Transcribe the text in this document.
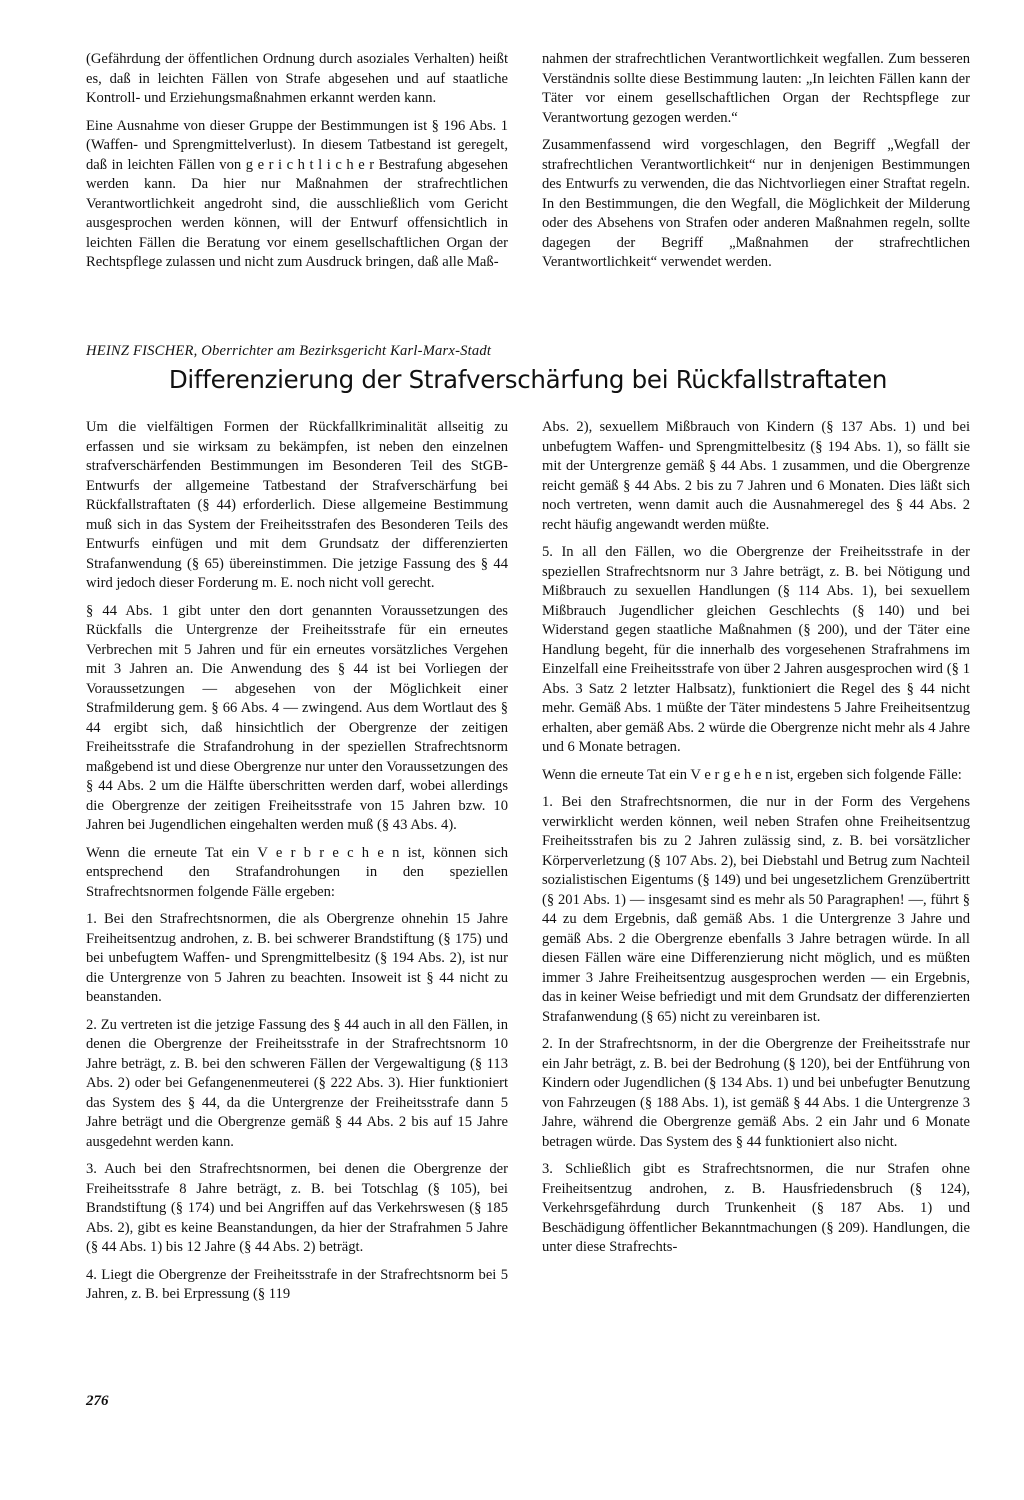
(Gefährdung der öffentlichen Ordnung durch asoziales Verhalten) heißt es, daß in leichten Fällen von Strafe abgesehen und auf staatliche Kontroll- und Erziehungsmaßnahmen erkannt werden kann.

Eine Ausnahme von dieser Gruppe der Bestimmungen ist § 196 Abs. 1 (Waffen- und Sprengmittelverlust). In diesem Tatbestand ist geregelt, daß in leichten Fällen von g e r i c h t l i c h e r Bestrafung abgesehen werden kann. Da hier nur Maßnahmen der strafrechtlichen Verantwortlichkeit angedroht sind, die ausschließlich vom Gericht ausgesprochen werden können, will der Entwurf offensichtlich in leichten Fällen die Beratung vor einem gesellschaftlichen Organ der Rechtspflege zulassen und nicht zum Ausdruck bringen, daß alle Maß-

nahmen der strafrechtlichen Verantwortlichkeit wegfallen. Zum besseren Verständnis sollte diese Bestimmung lauten: „In leichten Fällen kann der Täter vor einem gesellschaftlichen Organ der Rechtspflege zur Verantwortung gezogen werden.“

Zusammenfassend wird vorgeschlagen, den Begriff „Wegfall der strafrechtlichen Verantwortlichkeit“ nur in denjenigen Bestimmungen des Entwurfs zu verwenden, die das Nichtvorliegen einer Straftat regeln. In den Bestimmungen, die den Wegfall, die Möglichkeit der Milderung oder des Absehens von Strafen oder anderen Maßnahmen regeln, sollte dagegen der Begriff „Maßnahmen der strafrechtlichen Verantwortlichkeit“ verwendet werden.

HEINZ FISCHER, Oberrichter am Bezirksgericht Karl-Marx-Stadt
Differenzierung der Strafverschärfung bei Rückfallstraftaten

Um die vielfältigen Formen der Rückfallkriminalität allseitig zu erfassen und sie wirksam zu bekämpfen, ist neben den einzelnen strafverschärfenden Bestimmungen im Besonderen Teil des StGB-Entwurfs der allgemeine Tatbestand der Strafverschärfung bei Rückfallstraftaten (§ 44) erforderlich. Diese allgemeine Bestimmung muß sich in das System der Freiheitsstrafen des Besonderen Teils des Entwurfs einfügen und mit dem Grundsatz der differenzierten Strafanwendung (§ 65) übereinstimmen. Die jetzige Fassung des § 44 wird jedoch dieser Forderung m. E. noch nicht voll gerecht.

§ 44 Abs. 1 gibt unter den dort genannten Voraussetzungen des Rückfalls die Untergrenze der Freiheitsstrafe für ein erneutes Verbrechen mit 5 Jahren und für ein erneutes vorsätzliches Vergehen mit 3 Jahren an. Die Anwendung des § 44 ist bei Vorliegen der Voraussetzungen — abgesehen von der Möglichkeit einer Strafmilderung gem. § 66 Abs. 4 — zwingend. Aus dem Wortlaut des § 44 ergibt sich, daß hinsichtlich der Obergrenze der zeitigen Freiheitsstrafe die Strafandrohung in der speziellen Strafrechtsnorm maßgebend ist und diese Obergrenze nur unter den Voraussetzungen des § 44 Abs. 2 um die Hälfte überschritten werden darf, wobei allerdings die Obergrenze der zeitigen Freiheitsstrafe von 15 Jahren bzw. 10 Jahren bei Jugendlichen eingehalten werden muß (§ 43 Abs. 4).

Wenn die erneute Tat ein V e r b r e c h e n ist, können sich entsprechend den Strafandrohungen in den speziellen Strafrechtsnormen folgende Fälle ergeben:

1. Bei den Strafrechtsnormen, die als Obergrenze ohnehin 15 Jahre Freiheitsentzug androhen, z. B. bei schwerer Brandstiftung (§ 175) und bei unbefugtem Waffen- und Sprengmittelbesitz (§ 194 Abs. 2), ist nur die Untergrenze von 5 Jahren zu beachten. Insoweit ist § 44 nicht zu beanstanden.

2. Zu vertreten ist die jetzige Fassung des § 44 auch in all den Fällen, in denen die Obergrenze der Freiheitsstrafe in der Strafrechtsnorm 10 Jahre beträgt, z. B. bei den schweren Fällen der Vergewaltigung (§ 113 Abs. 2) oder bei Gefangenenmeuterei (§ 222 Abs. 3). Hier funktioniert das System des § 44, da die Untergrenze der Freiheitsstrafe dann 5 Jahre beträgt und die Obergrenze gemäß § 44 Abs. 2 bis auf 15 Jahre ausgedehnt werden kann.

3. Auch bei den Strafrechtsnormen, bei denen die Obergrenze der Freiheitsstrafe 8 Jahre beträgt, z. B. bei Totschlag (§ 105), bei Brandstiftung (§ 174) und bei Angriffen auf das Verkehrswesen (§ 185 Abs. 2), gibt es keine Beanstandungen, da hier der Strafrahmen 5 Jahre (§ 44 Abs. 1) bis 12 Jahre (§ 44 Abs. 2) beträgt.

4. Liegt die Obergrenze der Freiheitsstrafe in der Strafrechtsnorm bei 5 Jahren, z. B. bei Erpressung (§ 119

Abs. 2), sexuellem Mißbrauch von Kindern (§ 137 Abs. 1) und bei unbefugtem Waffen- und Sprengmittelbesitz (§ 194 Abs. 1), so fällt sie mit der Untergrenze gemäß § 44 Abs. 1 zusammen, und die Obergrenze reicht gemäß § 44 Abs. 2 bis zu 7 Jahren und 6 Monaten. Dies läßt sich noch vertreten, wenn damit auch die Ausnahmeregel des § 44 Abs. 2 recht häufig angewandt werden müßte.

5. In all den Fällen, wo die Obergrenze der Freiheitsstrafe in der speziellen Strafrechtsnorm nur 3 Jahre beträgt, z. B. bei Nötigung und Mißbrauch zu sexuellen Handlungen (§ 114 Abs. 1), bei sexuellem Mißbrauch Jugendlicher gleichen Geschlechts (§ 140) und bei Widerstand gegen staatliche Maßnahmen (§ 200), und der Täter eine Handlung begeht, für die innerhalb des vorgesehenen Strafrahmens im Einzelfall eine Freiheitsstrafe von über 2 Jahren ausgesprochen wird (§ 1 Abs. 3 Satz 2 letzter Halbsatz), funktioniert die Regel des § 44 nicht mehr. Gemäß Abs. 1 müßte der Täter mindestens 5 Jahre Freiheitsentzug erhalten, aber gemäß Abs. 2 würde die Obergrenze nicht mehr als 4 Jahre und 6 Monate betragen.

Wenn die erneute Tat ein V e r g e h e n ist, ergeben sich folgende Fälle:

1. Bei den Strafrechtsnormen, die nur in der Form des Vergehens verwirklicht werden können, weil neben Strafen ohne Freiheitsentzug Freiheitsstrafen bis zu 2 Jahren zulässig sind, z. B. bei vorsätzlicher Körperverletzung (§ 107 Abs. 2), bei Diebstahl und Betrug zum Nachteil sozialistischen Eigentums (§ 149) und bei ungesetzlichem Grenzübertritt (§ 201 Abs. 1) — insgesamt sind es mehr als 50 Paragraphen! —, führt § 44 zu dem Ergebnis, daß gemäß Abs. 1 die Untergrenze 3 Jahre und gemäß Abs. 2 die Obergrenze ebenfalls 3 Jahre betragen würde. In all diesen Fällen wäre eine Differenzierung nicht möglich, und es müßten immer 3 Jahre Freiheitsentzug ausgesprochen werden — ein Ergebnis, das in keiner Weise befriedigt und mit dem Grundsatz der differenzierten Strafanwendung (§ 65) nicht zu vereinbaren ist.

2. In der Strafrechtsnorm, in der die Obergrenze der Freiheitsstrafe nur ein Jahr beträgt, z. B. bei der Bedrohung (§ 120), bei der Entführung von Kindern oder Jugendlichen (§ 134 Abs. 1) und bei unbefugter Benutzung von Fahrzeugen (§ 188 Abs. 1), ist gemäß § 44 Abs. 1 die Untergrenze 3 Jahre, während die Obergrenze gemäß Abs. 2 ein Jahr und 6 Monate betragen würde. Das System des § 44 funktioniert also nicht.

3. Schließlich gibt es Strafrechtsnormen, die nur Strafen ohne Freiheitsentzug androhen, z. B. Hausfriedensbruch (§ 124), Verkehrsgefährdung durch Trunkenheit (§ 187 Abs. 1) und Beschädigung öffentlicher Bekanntmachungen (§ 209). Handlungen, die unter diese Strafrechts-

276
